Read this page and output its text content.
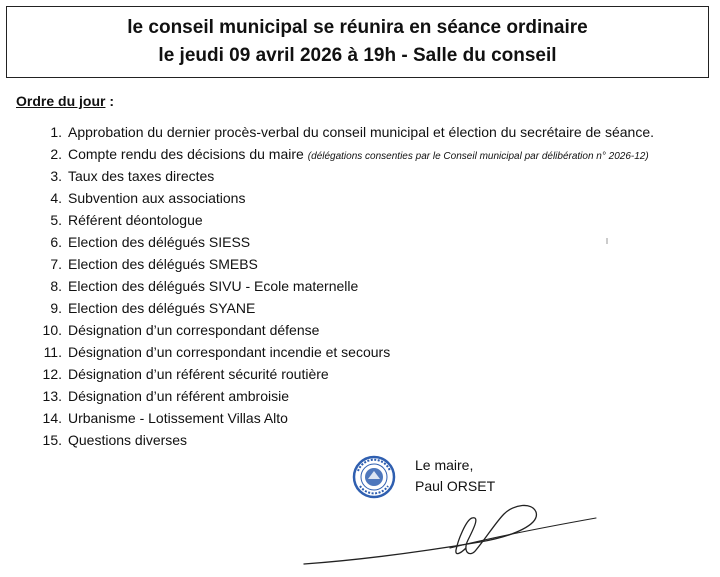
le conseil municipal se réunira en séance ordinaire
le jeudi 09 avril 2026 à 19h - Salle du conseil
Ordre du jour :
1. Approbation du dernier procès-verbal du conseil municipal et élection du secrétaire de séance.
2. Compte rendu des décisions du maire (délégations consenties par le Conseil municipal par délibération n° 2026-12)
3. Taux des taxes directes
4. Subvention aux associations
5. Référent déontologue
6. Election des délégués SIESS
7. Election des délégués SMEBS
8. Election des délégués SIVU - Ecole maternelle
9. Election des délégués SYANE
10. Désignation d’un correspondant défense
11. Désignation d’un correspondant incendie et secours
12. Désignation d’un référent sécurité routière
13. Désignation d’un référent ambroisie
14. Urbanisme - Lotissement Villas Alto
15. Questions diverses
Le maire,
Paul ORSET
